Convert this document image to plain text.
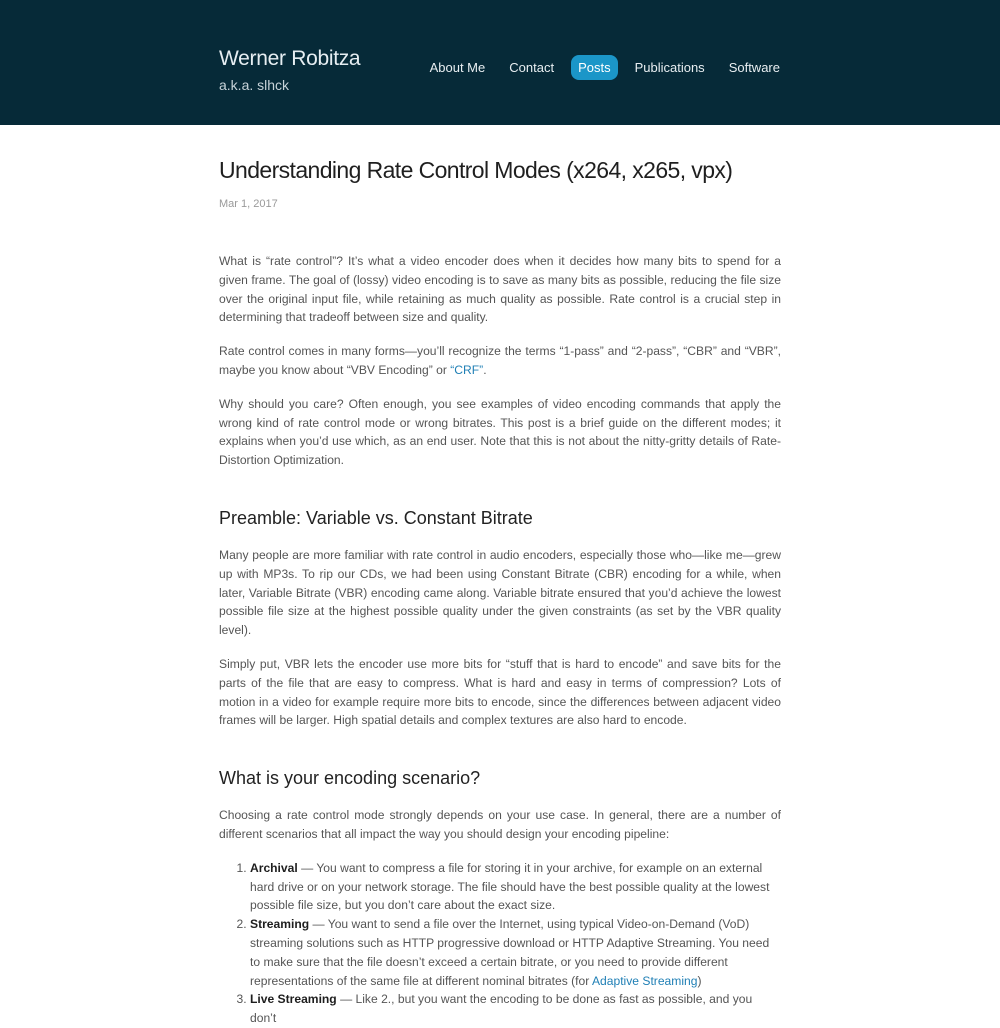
Werner Robitza
a.k.a. slhck
About Me	Contact	Posts	Publications	Software
Understanding Rate Control Modes (x264, x265, vpx)
Mar 1, 2017

What is “rate control”? It’s what a video encoder does when it decides how many bits to spend for a given frame. The goal of (lossy) video encoding is to save as many bits as possible, reducing the file size over the original input file, while retaining as much quality as possible. Rate control is a crucial step in determining that tradeoff between size and quality.

Rate control comes in many forms—you’ll recognize the terms “1-pass” and “2-pass”, “CBR” and “VBR”, maybe you know about “VBV Encoding” or “CRF”.

Why should you care? Often enough, you see examples of video encoding commands that apply the wrong kind of rate control mode or wrong bitrates. This post is a brief guide on the different modes; it explains when you’d use which, as an end user. Note that this is not about the nitty-gritty details of Rate-Distortion Optimization.

Preamble: Variable vs. Constant Bitrate

Many people are more familiar with rate control in audio encoders, especially those who—like me—grew up with MP3s. To rip our CDs, we had been using Constant Bitrate (CBR) encoding for a while, when later, Variable Bitrate (VBR) encoding came along. Variable bitrate ensured that you’d achieve the lowest possible file size at the highest possible quality under the given constraints (as set by the VBR quality level).

Simply put, VBR lets the encoder use more bits for “stuff that is hard to encode” and save bits for the parts of the file that are easy to compress. What is hard and easy in terms of compression? Lots of motion in a video for example require more bits to encode, since the differences between adjacent video frames will be larger. High spatial details and complex textures are also hard to encode.

What is your encoding scenario?

Choosing a rate control mode strongly depends on your use case. In general, there are a number of different scenarios that all impact the way you should design your encoding pipeline:

1. Archival — You want to compress a file for storing it in your archive, for example on an external hard drive or on your network storage. The file should have the best possible quality at the lowest possible file size, but you don’t care about the exact size.
2. Streaming — You want to send a file over the Internet, using typical Video-on-Demand (VoD) streaming solutions such as HTTP progressive download or HTTP Adaptive Streaming. You need to make sure that the file doesn’t exceed a certain bitrate, or you need to provide different representations of the same file at different nominal bitrates (for Adaptive Streaming)
3. Live Streaming — Like 2., but you want the encoding to be done as fast as possible, and you don’t
